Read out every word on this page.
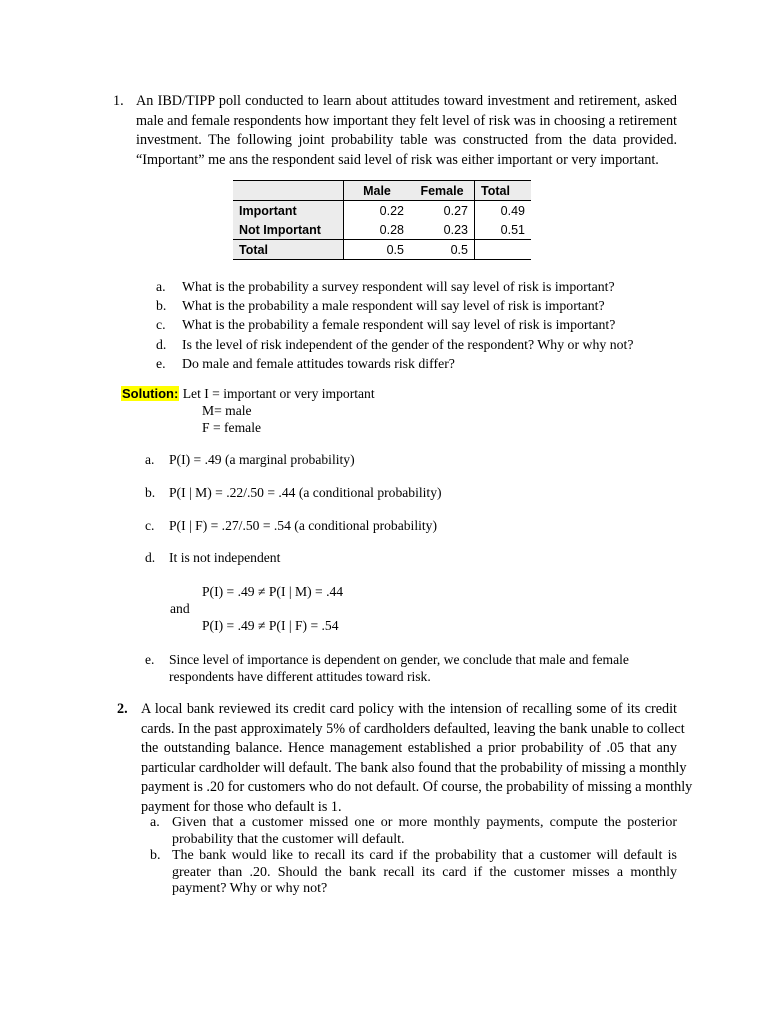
1. An IBD/TIPP poll conducted to learn about attitudes toward investment and retirement, asked
male and female respondents how important they felt level of risk was in choosing a retirement
investment. The following joint probability table was constructed from the data provided.
“Important” me ans the respondent said level of risk was either important or very important.
	Male	Female	Total
Important	0.22	0.27	0.49
Not Important	0.28	0.23	0.51
Total	0.5	0.5	
a. What is the probability a survey respondent will say level of risk is important?
b. What is the probability a male respondent will say level of risk is important?
c. What is the probability a female respondent will say level of risk is important?
d. Is the level of risk independent of the gender of the respondent? Why or why not?
e. Do male and female attitudes towards risk differ?
Solution: Let I = important or very important
M= male
F = female
a. P(I) = .49 (a marginal probability)
b. P(I | M) = .22/.50 = .44 (a conditional probability)
c. P(I | F) = .27/.50 = .54 (a conditional probability)
d. It is not independent
P(I) = .49 ≠ P(I | M) = .44
and
P(I) = .49 ≠ P(I | F) = .54
e. Since level of importance is dependent on gender, we conclude that male and female
respondents have different attitudes toward risk.
2. A local bank reviewed its credit card policy with the intension of recalling some of its credit
cards. In the past approximately 5% of cardholders defaulted, leaving the bank unable to collect
the outstanding balance. Hence management established a prior probability of .05 that any
particular cardholder will default. The bank also found that the probability of missing a monthly
payment is .20 for customers who do not default. Of course, the probability of missing a monthly
payment for those who default is 1.
a. Given that a customer missed one or more monthly payments, compute the posterior
probability that the customer will default.
b. The bank would like to recall its card if the probability that a customer will default is
greater than .20. Should the bank recall its card if the customer misses a monthly
payment? Why or why not?
